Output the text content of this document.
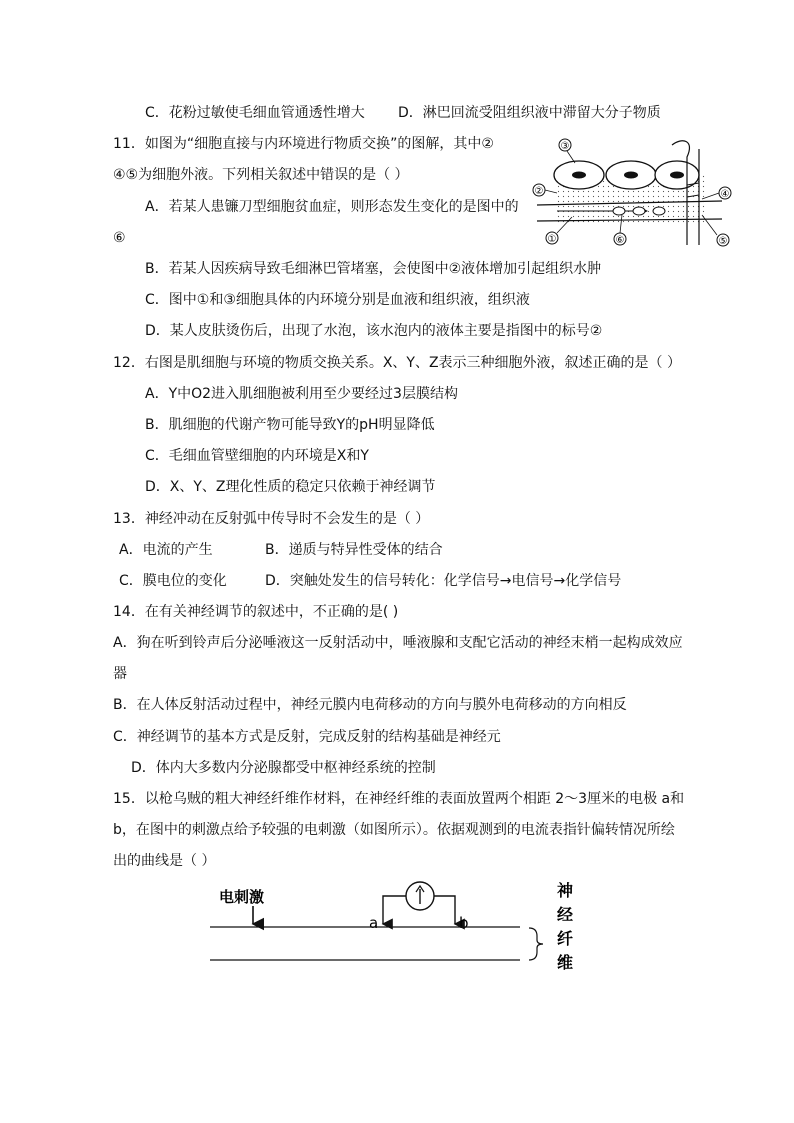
C．花粉过敏使毛细血管通透性增大 D．淋巴回流受阻组织液中滞留大分子物质
11．如图为“细胞直接与内环境进行物质交换”的图解，其中②
④⑤为细胞外液。下列相关叙述中错误的是（ ）
A．若某人患镰刀型细胞贫血症，则形态发生变化的是图中的
⑥
B．若某人因疾病导致毛细淋巴管堵塞，会使图中②液体增加引起组织水肿
C．图中①和③细胞具体的内环境分别是血液和组织液，组织液
D．某人皮肤烫伤后，出现了水泡，该水泡内的液体主要是指图中的标号②
③
②	④
①	⑥	⑤
12．右图是肌细胞与环境的物质交换关系。X、Y、Z表示三种细胞外液，叙述正确的是（ ）
A．Y中O2进入肌细胞被利用至少要经过3层膜结构
B．肌细胞的代谢产物可能导致Y的pH明显降低
C．毛细血管壁细胞的内环境是X和Y
D．X、Y、Z理化性质的稳定只依赖于神经调节
13．神经冲动在反射弧中传导时不会发生的是（ ）
A．电流的产生	B．递质与特异性受体的结合
C．膜电位的变化	D．突触处发生的信号转化：化学信号→电信号→化学信号
14．在有关神经调节的叙述中，不正确的是( )
A．狗在听到铃声后分泌唾液这一反射活动中，唾液腺和支配它活动的神经末梢一起构成效应
器
B．在人体反射活动过程中，神经元膜内电荷移动的方向与膜外电荷移动的方向相反
C．神经调节的基本方式是反射，完成反射的结构基础是神经元
D．体内大多数内分泌腺都受中枢神经系统的控制
15．以枪乌贼的粗大神经纤维作材料，在神经纤维的表面放置两个相距 2～3厘米的电极 a和
b，在图中的刺激点给予较强的电刺激（如图所示）。依据观测到的电流表指针偏转情况所绘
出的曲线是（ ）
电刺激
a	b
神
经
纤
维
